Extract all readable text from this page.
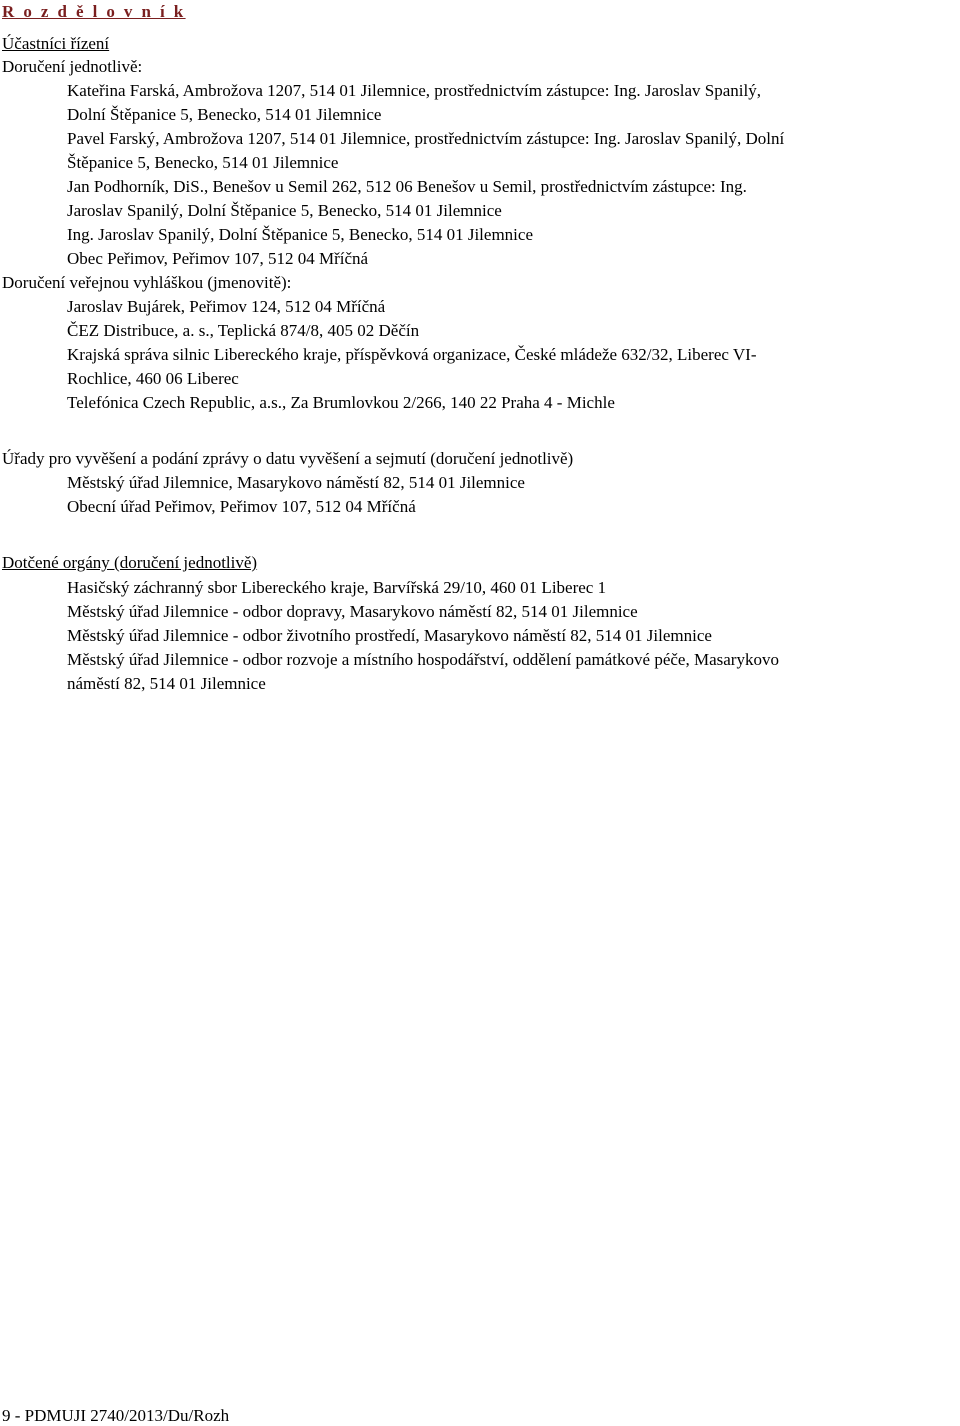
R o z d ě l o v n í k
Účastníci řízení
Doručení jednotlivě:
Kateřina Farská, Ambrožova 1207, 514 01 Jilemnice, prostřednictvím zástupce: Ing. Jaroslav Spanilý,
Dolní Štěpanice 5, Benecko, 514 01 Jilemnice
Pavel Farský, Ambrožova 1207, 514 01 Jilemnice, prostřednictvím zástupce: Ing. Jaroslav Spanilý, Dolní
Štěpanice 5, Benecko, 514 01 Jilemnice
Jan Podhorník, DiS., Benešov u Semil 262, 512 06 Benešov u Semil, prostřednictvím zástupce: Ing.
Jaroslav Spanilý, Dolní Štěpanice 5, Benecko, 514 01 Jilemnice
Ing. Jaroslav Spanilý, Dolní Štěpanice 5, Benecko, 514 01 Jilemnice
Obec Peřimov, Peřimov 107, 512 04 Mříčná
Doručení veřejnou vyhláškou (jmenovitě):
Jaroslav Bujárek, Peřimov 124, 512 04 Mříčná
ČEZ Distribuce, a. s., Teplická 874/8, 405 02 Děčín
Krajská správa silnic Libereckého kraje, příspěvková organizace, České mládeže 632/32, Liberec VI-
Rochlice, 460 06 Liberec
Telefónica Czech Republic, a.s., Za Brumlovkou 2/266, 140 22 Praha 4 - Michle
Úřady pro vyvěšení a podání zprávy o datu vyvěšení a sejmutí (doručení jednotlivě)
Městský úřad Jilemnice, Masarykovo náměstí 82, 514 01 Jilemnice
Obecní úřad Peřimov, Peřimov 107, 512 04 Mříčná
Dotčené orgány (doručení jednotlivě)
Hasičský záchranný sbor Libereckého kraje, Barvířská 29/10, 460 01 Liberec 1
Městský úřad Jilemnice - odbor dopravy, Masarykovo náměstí 82, 514 01 Jilemnice
Městský úřad Jilemnice - odbor životního prostředí, Masarykovo náměstí 82, 514 01 Jilemnice
Městský úřad Jilemnice - odbor rozvoje a místního hospodářství, oddělení památkové péče, Masarykovo
náměstí 82, 514 01 Jilemnice
9 - PDMUJI 2740/2013/Du/Rozh
